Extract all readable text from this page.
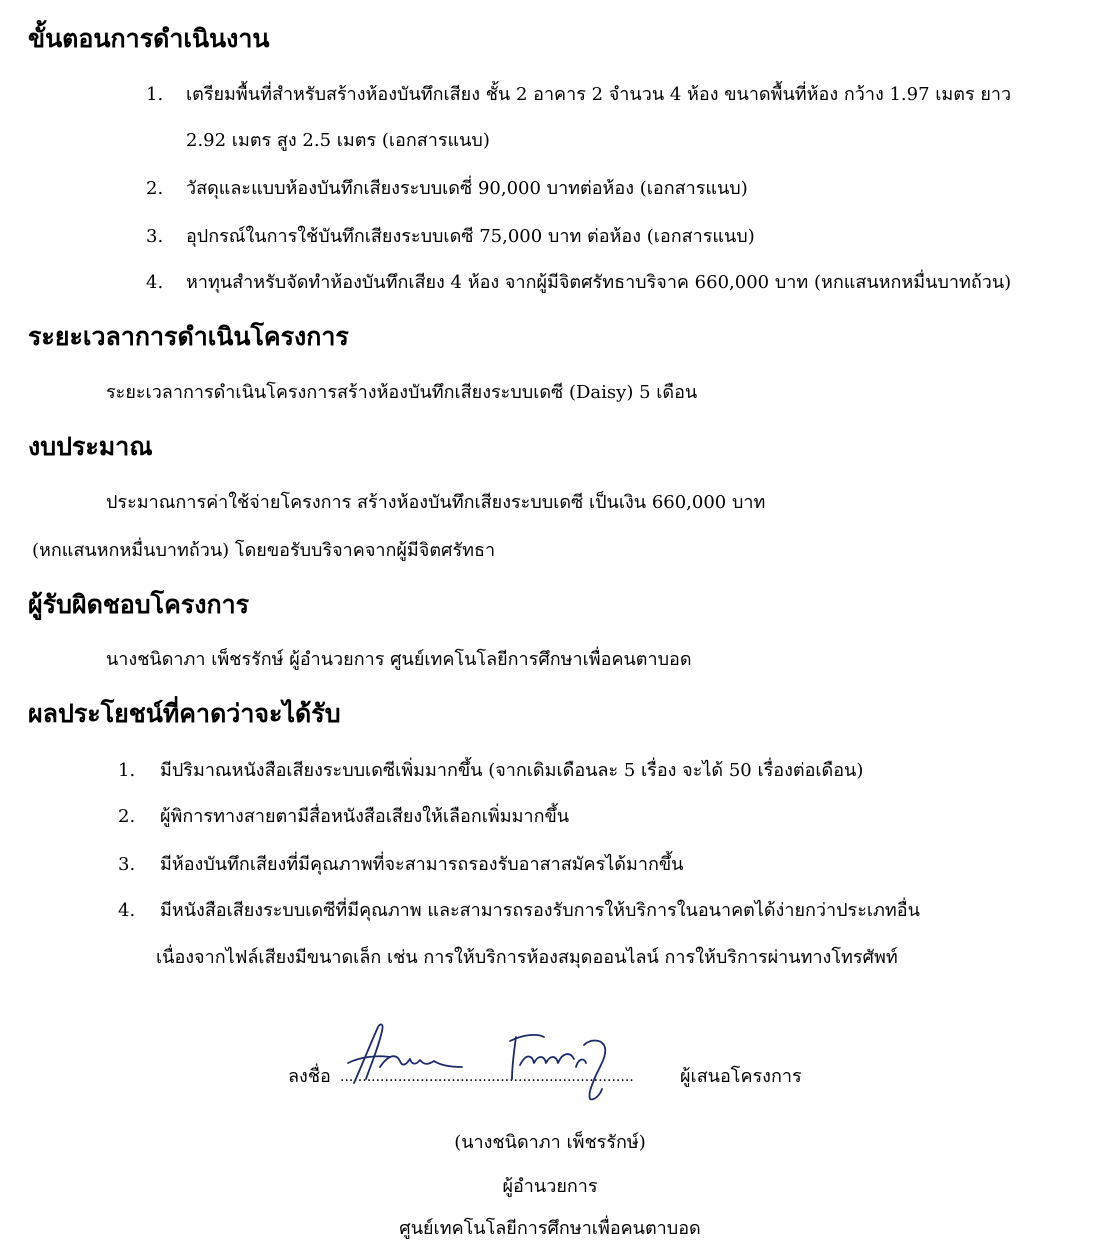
ขั้นตอนการดำเนินงาน
1. เตรียมพื้นที่สำหรับสร้างห้องบันทึกเสียง ชั้น 2 อาคาร 2 จำนวน 4 ห้อง ขนาดพื้นที่ห้อง กว้าง 1.97 เมตร ยาว

2.92 เมตร สูง 2.5 เมตร (เอกสารแนบ)

2. วัสดุและแบบห้องบันทึกเสียงระบบเดซี่ 90,000 บาทต่อห้อง (เอกสารแนบ)

3. อุปกรณ์ในการใช้บันทึกเสียงระบบเดซี 75,000 บาท ต่อห้อง (เอกสารแนบ)

4. หาทุนสำหรับจัดทำห้องบันทึกเสียง 4 ห้อง จากผู้มีจิตศรัทธาบริจาค 660,000 บาท (หกแสนหกหมื่นบาทถ้วน)

ระยะเวลาการดำเนินโครงการ

ระยะเวลาการดำเนินโครงการสร้างห้องบันทึกเสียงระบบเดซี (Daisy) 5 เดือน

งบประมาณ

ประมาณการค่าใช้จ่ายโครงการ สร้างห้องบันทึกเสียงระบบเดซี เป็นเงิน 660,000 บาท

(หกแสนหกหมื่นบาทถ้วน) โดยขอรับบริจาคจากผู้มีจิตศรัทธา

ผู้รับผิดชอบโครงการ

นางชนิดาภา เพ็ชรรักษ์ ผู้อำนวยการ ศูนย์เทคโนโลยีการศึกษาเพื่อคนตาบอด

ผลประโยชน์ที่คาดว่าจะได้รับ
1. มีปริมาณหนังสือเสียงระบบเดซีเพิ่มมากขึ้น (จากเดิมเดือนละ 5 เรื่อง จะได้ 50 เรื่องต่อเดือน)

2. ผู้พิการทางสายตามีสื่อหนังสือเสียงให้เลือกเพิ่มมากขึ้น

3. มีห้องบันทึกเสียงที่มีคุณภาพที่จะสามารถรองรับอาสาสมัครได้มากขึ้น

4. มีหนังสือเสียงระบบเดซีที่มีคุณภาพ และสามารถรองรับการให้บริการในอนาคตได้ง่ายกว่าประเภทอื่น

เนื่องจากไฟล์เสียงมีขนาดเล็ก เช่น การให้บริการห้องสมุดออนไลน์ การให้บริการผ่านทางโทรศัพท์

ลงชื่อ ..................................................................	ผู้เสนอโครงการ

(นางชนิดาภา เพ็ชรรักษ์)

ผู้อำนวยการ

ศูนย์เทคโนโลยีการศึกษาเพื่อคนตาบอด
